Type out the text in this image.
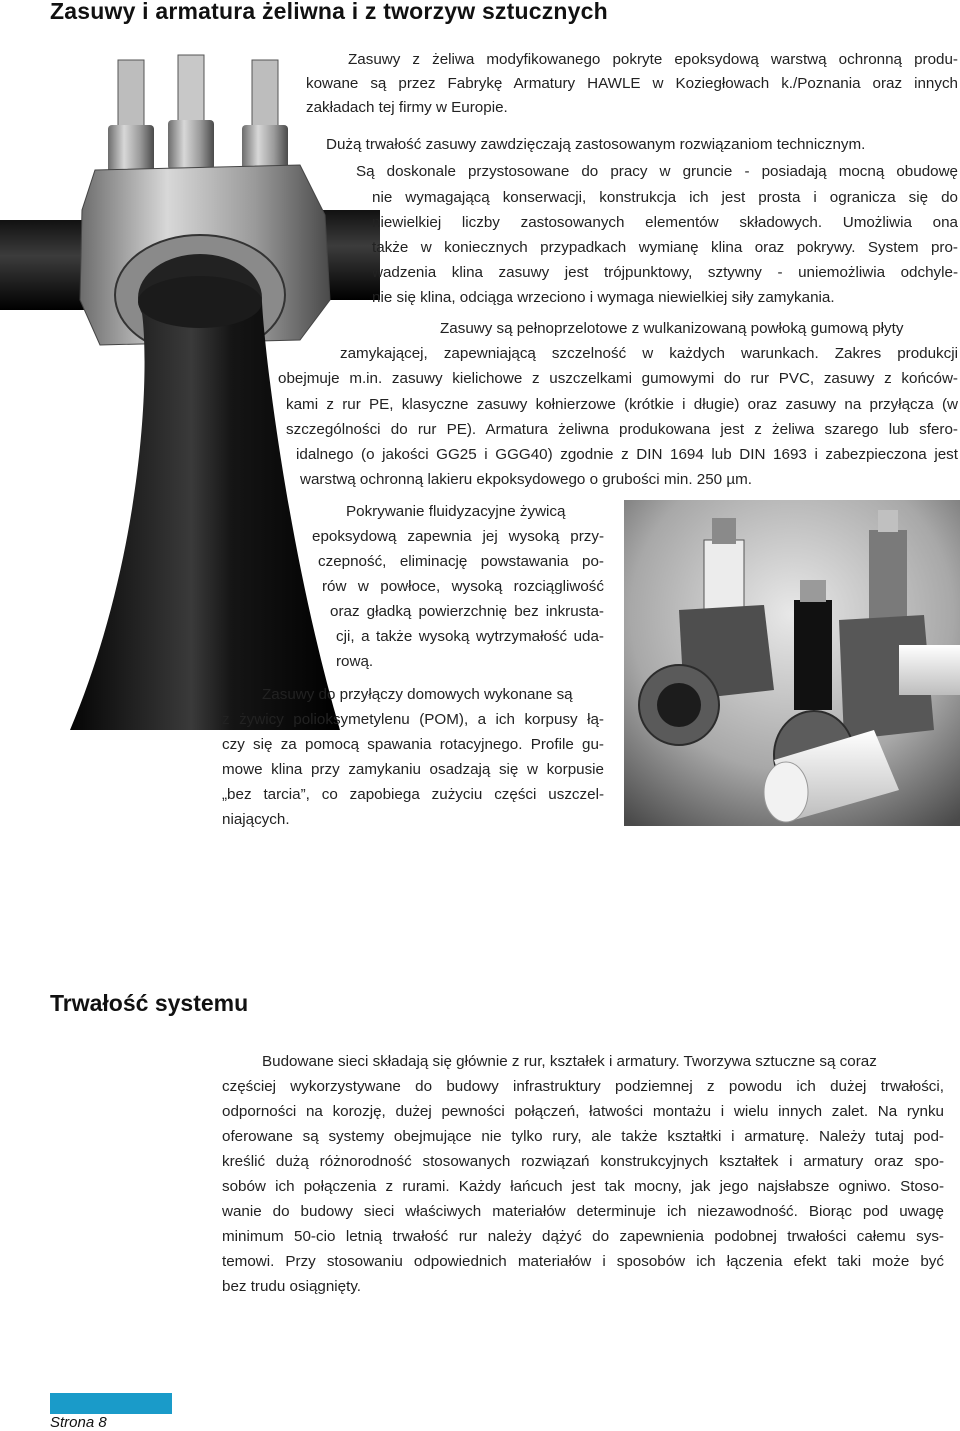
Zasuwy i armatura żeliwna i z tworzyw sztucznych

Zasuwy z żeliwa modyfikowanego pokryte epoksydową warstwą ochronną produ-

kowane są przez Fabrykę Armatury HAWLE w Koziegłowach k./Poznania oraz innych

zakładach tej firmy w Europie.

Dużą trwałość zasuwy zawdzięczają zastosowanym rozwiązaniom technicznym.

Są doskonale przystosowane do pracy w gruncie - posiadają mocną obudowę

nie wymagającą konserwacji, konstrukcja ich jest prosta i ogranicza się do

niewielkiej liczby zastosowanych elementów składowych. Umożliwia ona

także w koniecznych przypadkach wymianę klina oraz pokrywy. System pro-

wadzenia klina zasuwy jest trójpunktowy, sztywny - uniemożliwia odchyle-

nie się klina, odciąga wrzeciono i wymaga niewielkiej siły zamykania.

Zasuwy są pełnoprzelotowe z wulkanizowaną powłoką gumową płyty

zamykającej, zapewniającą szczelność w każdych warunkach. Zakres produkcji

obejmuje m.in. zasuwy kielichowe z uszczelkami gumowymi do rur PVC, zasuwy z końców-

kami z rur PE, klasyczne zasuwy kołnierzowe (krótkie i długie) oraz zasuwy na przyłącza (w

szczególności do rur PE). Armatura żeliwna produkowana jest z żeliwa szarego lub sfero-

idalnego (o jakości GG25 i GGG40) zgodnie z DIN 1694 lub DIN 1693 i zabezpieczona jest

warstwą ochronną lakieru ekpoksydowego o grubości min. 250 µm.

Pokrywanie fluidyzacyjne żywicą

epoksydową zapewnia jej wysoką przy-

czepność, eliminację powstawania po-

rów w powłoce, wysoką rozciągliwość

oraz gładką powierzchnię bez inkrusta-

cji, a także wysoką wytrzymałość uda-

rową.

Zasuwy do przyłączy domowych wykonane są

z żywicy polioksymetylenu (POM), a ich korpusy łą-

czy się za pomocą spawania rotacyjnego. Profile gu-

mowe klina przy zamykaniu osadzają się w korpusie

„bez tarcia”, co zapobiega zużyciu części uszczel-

niających.

Trwałość systemu

Budowane sieci składają się głównie z rur, kształek i armatury. Tworzywa sztuczne są coraz

częściej wykorzystywane do budowy infrastruktury podziemnej z powodu ich dużej trwałości,

odporności na korozję, dużej pewności połączeń, łatwości montażu i wielu innych zalet. Na rynku

oferowane są systemy obejmujące nie tylko rury, ale także kształtki i armaturę. Należy tutaj pod-

kreślić dużą różnorodność stosowanych rozwiązań konstrukcyjnych kształtek i armatury oraz spo-

sobów ich połączenia z rurami. Każdy łańcuch jest tak mocny, jak jego najsłabsze ogniwo. Stoso-

wanie do budowy sieci właściwych materiałów determinuje ich niezawodność. Biorąc pod uwagę

minimum 50-cio letnią trwałość rur należy dążyć do zapewnienia podobnej trwałości całemu sys-

temowi. Przy stosowaniu odpowiednich materiałów i sposobów ich łączenia efekt taki może być

bez trudu osiągnięty.

Strona 8
